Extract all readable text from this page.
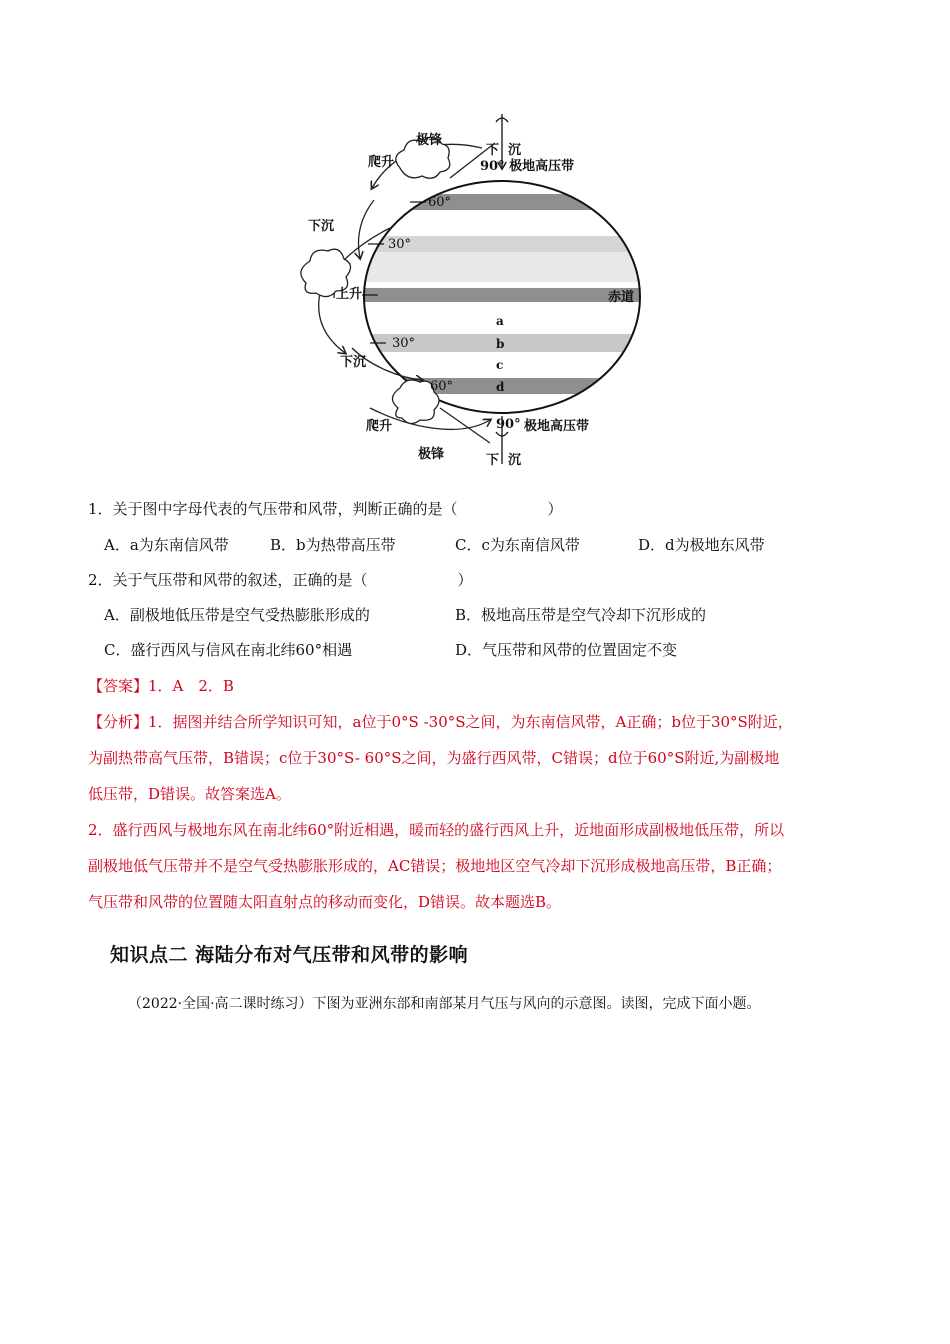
极锋
爬升
下 沉
90° 极地高压带
60°
下沉
30°
上升	赤道
a
30°	b
c
下沉
60°	d
爬升	90° 极地高压带
极锋	下 沉
1．关于图中字母代表的气压带和风带，判断正确的是（　　　　　　）
A．a为东南信风带	B．b为热带高压带	C．c为东南信风带	D．d为极地东风带
2．关于气压带和风带的叙述，正确的是（　　　　　　）
A．副极地低压带是空气受热膨胀形成的	B．极地高压带是空气冷却下沉形成的
C．盛行西风与信风在南北纬60°相遇	D．气压带和风带的位置固定不变
【答案】1．A　2．B
【分析】1．据图并结合所学知识可知，a位于0°S -30°S之间，为东南信风带，A正确；b位于30°S附近，
为副热带高气压带，B错误；c位于30°S- 60°S之间，为盛行西风带，C错误；d位于60°S附近,为副极地
低压带，D错误。故答案选A。
2．盛行西风与极地东风在南北纬60°附近相遇，暖而轻的盛行西风上升，近地面形成副极地低压带，所以
副极地低气压带并不是空气受热膨胀形成的，AC错误；极地地区空气冷却下沉形成极地高压带，B正确；
气压带和风带的位置随太阳直射点的移动而变化，D错误。故本题选B。
知识点二 海陆分布对气压带和风带的影响
（2022·全国·高二课时练习）下图为亚洲东部和南部某月气压与风向的示意图。读图，完成下面小题。
